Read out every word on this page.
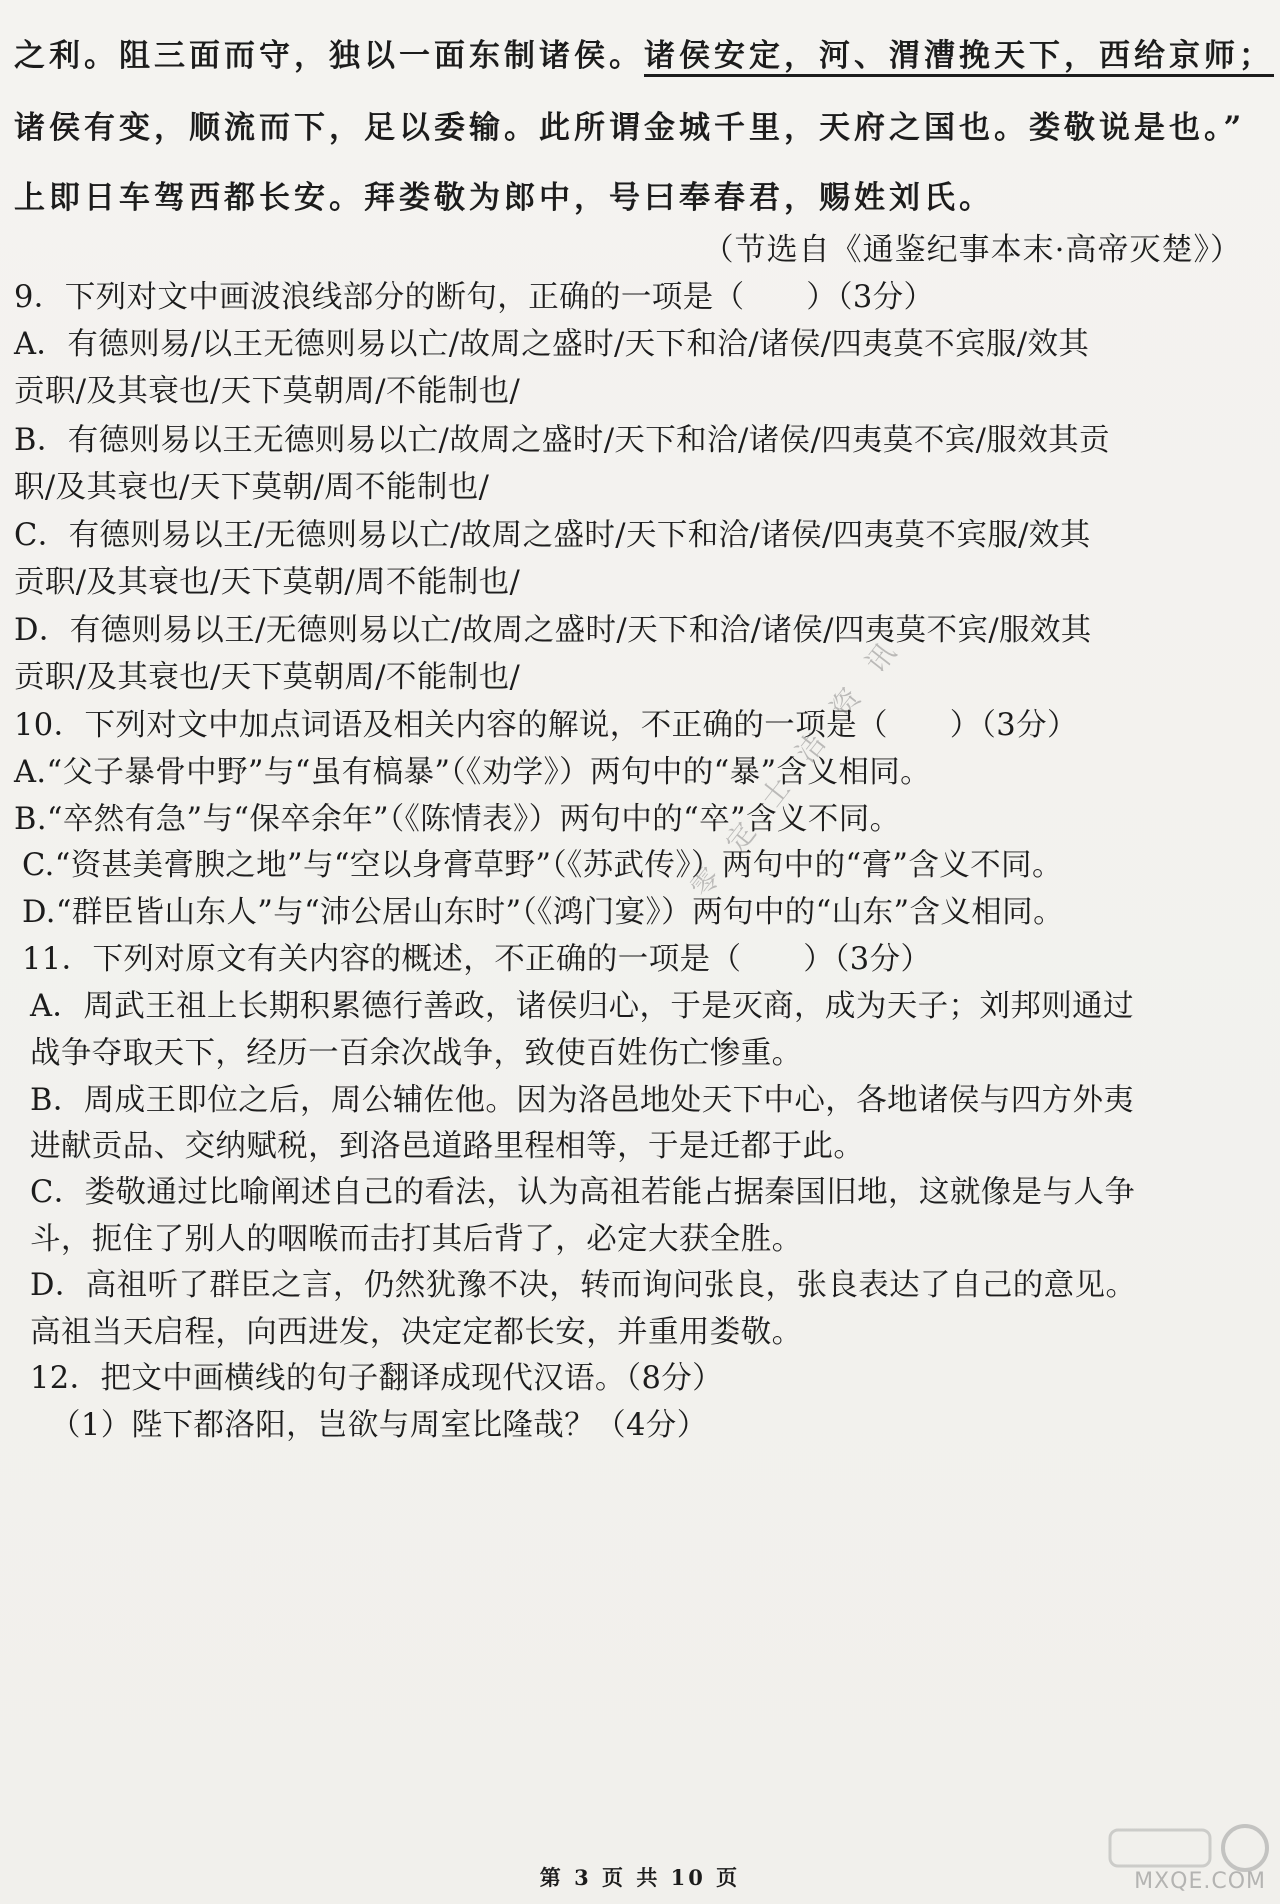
之利。阻三面而守，独以一面东制诸侯。诸侯安定，河、渭漕挽天下，西给京师；
诸侯有变，顺流而下，足以委输。此所谓金城千里，天府之国也。娄敬说是也。”
上即日车驾西都长安。拜娄敬为郎中，号曰奉春君，赐姓刘氏。
（节选自《通鉴纪事本末·高帝灭楚》）
9．下列对文中画波浪线部分的断句，正确的一项是（　　）（3分）
A．有德则易/以王无德则易以亡/故周之盛时/天下和洽/诸侯/四夷莫不宾服/效其
贡职/及其衰也/天下莫朝周/不能制也/
B．有德则易以王无德则易以亡/故周之盛时/天下和洽/诸侯/四夷莫不宾/服效其贡
职/及其衰也/天下莫朝/周不能制也/
C．有德则易以王/无德则易以亡/故周之盛时/天下和洽/诸侯/四夷莫不宾服/效其
贡职/及其衰也/天下莫朝/周不能制也/
D．有德则易以王/无德则易以亡/故周之盛时/天下和洽/诸侯/四夷莫不宾/服效其
贡职/及其衰也/天下莫朝周/不能制也/
10．下列对文中加点词语及相关内容的解说，不正确的一项是（　　）（3分）
A.“父子暴骨中野”与“虽有槁暴”（《劝学》）两句中的“暴”含义相同。
B.“卒然有急”与“保卒余年”（《陈情表》）两句中的“卒”含义不同。
C.“资甚美膏腴之地”与“空以身膏草野”（《苏武传》）两句中的“膏”含义不同。
D.“群臣皆山东人”与“沛公居山东时”（《鸿门宴》）两句中的“山东”含义相同。
11．下列对原文有关内容的概述，不正确的一项是（　　）（3分）
A．周武王祖上长期积累德行善政，诸侯归心，于是灭商，成为天子；刘邦则通过
战争夺取天下，经历一百余次战争，致使百姓伤亡惨重。
B．周成王即位之后，周公辅佐他。因为洛邑地处天下中心，各地诸侯与四方外夷
进献贡品、交纳赋税，到洛邑道路里程相等，于是迁都于此。
C．娄敬通过比喻阐述自己的看法，认为高祖若能占据秦国旧地，这就像是与人争
斗，扼住了别人的咽喉而击打其后背了，必定大获全胜。
D．高祖听了群臣之言，仍然犹豫不决，转而询问张良，张良表达了自己的意见。
高祖当天启程，向西进发，决定定都长安，并重用娄敬。
12．把文中画横线的句子翻译成现代汉语。（8分）
（1）陛下都洛阳，岂欲与周室比隆哉？（4分）
零 定 士 洁 资 讯
第 3 页 共 10 页	MXQE.COM
